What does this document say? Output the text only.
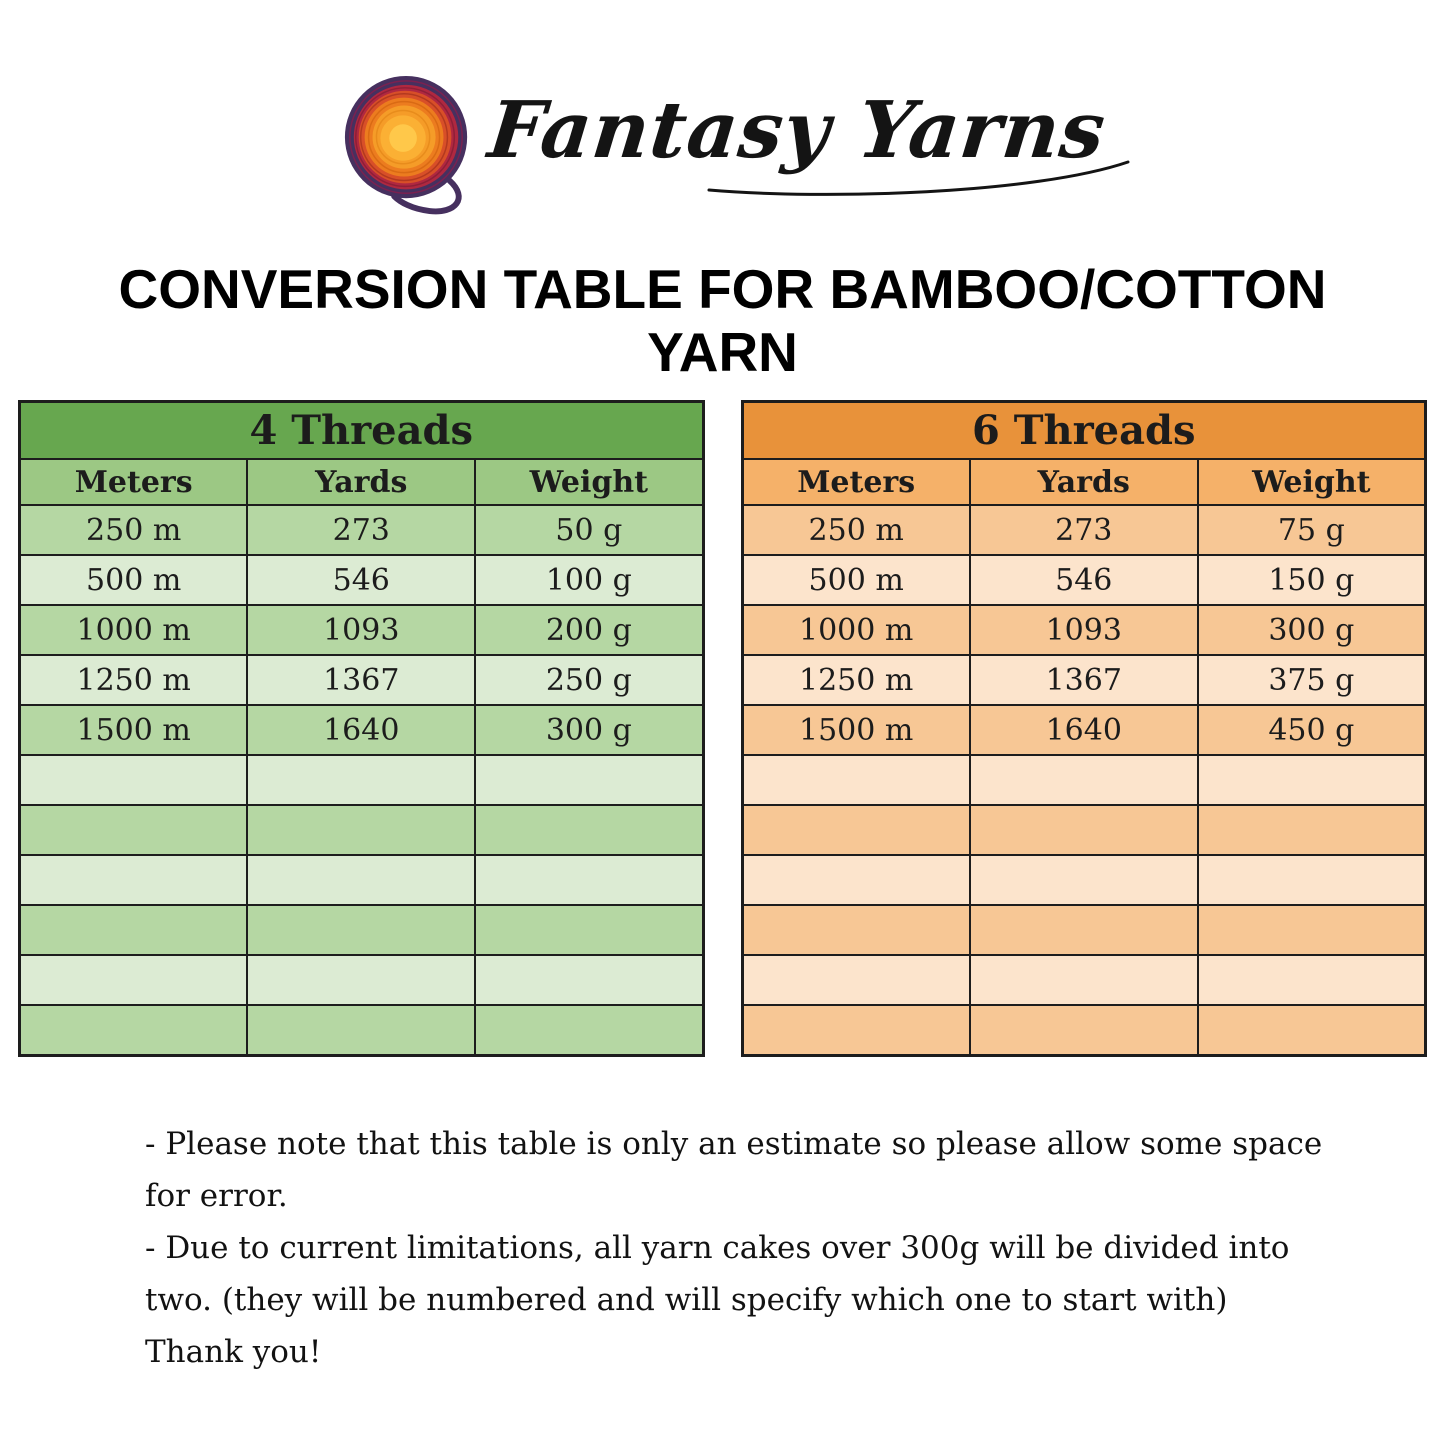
Fantasy Yarns
CONVERSION TABLE FOR BAMBOO/COTTON
YARN
4 Threads		
Meters	Yards	Weight
250 m	273	50 g
500 m	546	100 g
1000 m	1093	200 g
1250 m	1367	250 g
1500 m	1640	300 g

6 Threads		
Meters	Yards	Weight
250 m	273	75 g
500 m	546	150 g
1000 m	1093	300 g
1250 m	1367	375 g
1500 m	1640	450 g

- Please note that this table is only an estimate so please allow some space for error.

- Due to current limitations, all yarn cakes over 300g will be divided into two. (they will be numbered and will specify which one to start with)

Thank you!
